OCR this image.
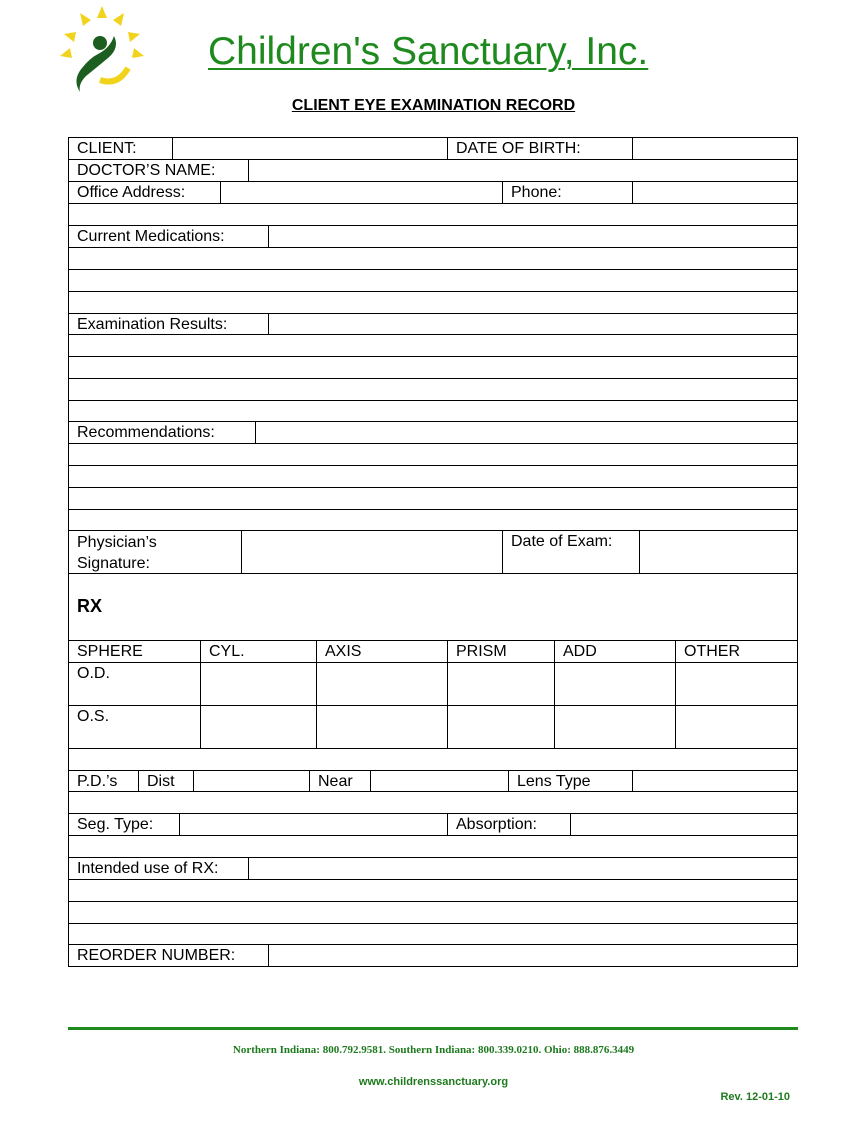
Children's Sanctuary, Inc.
CLIENT EYE EXAMINATION RECORD
CLIENT:	DATE OF BIRTH:
DOCTOR’S NAME:
Office Address:	Phone:
Current Medications:
Examination Results:
Recommendations:
Physician’s Signature:
Date of Exam:
RX
SPHERE	CYL.	AXIS	PRISM	ADD	OTHER
O.D.
O.S.
P.D.’s	Dist	Near	Lens Type
Seg. Type:	Absorption:
Intended use of RX:
REORDER NUMBER:
Northern Indiana: 800.792.9581. Southern Indiana: 800.339.0210. Ohio: 888.876.3449
www.childrenssanctuary.org
Rev. 12-01-10
